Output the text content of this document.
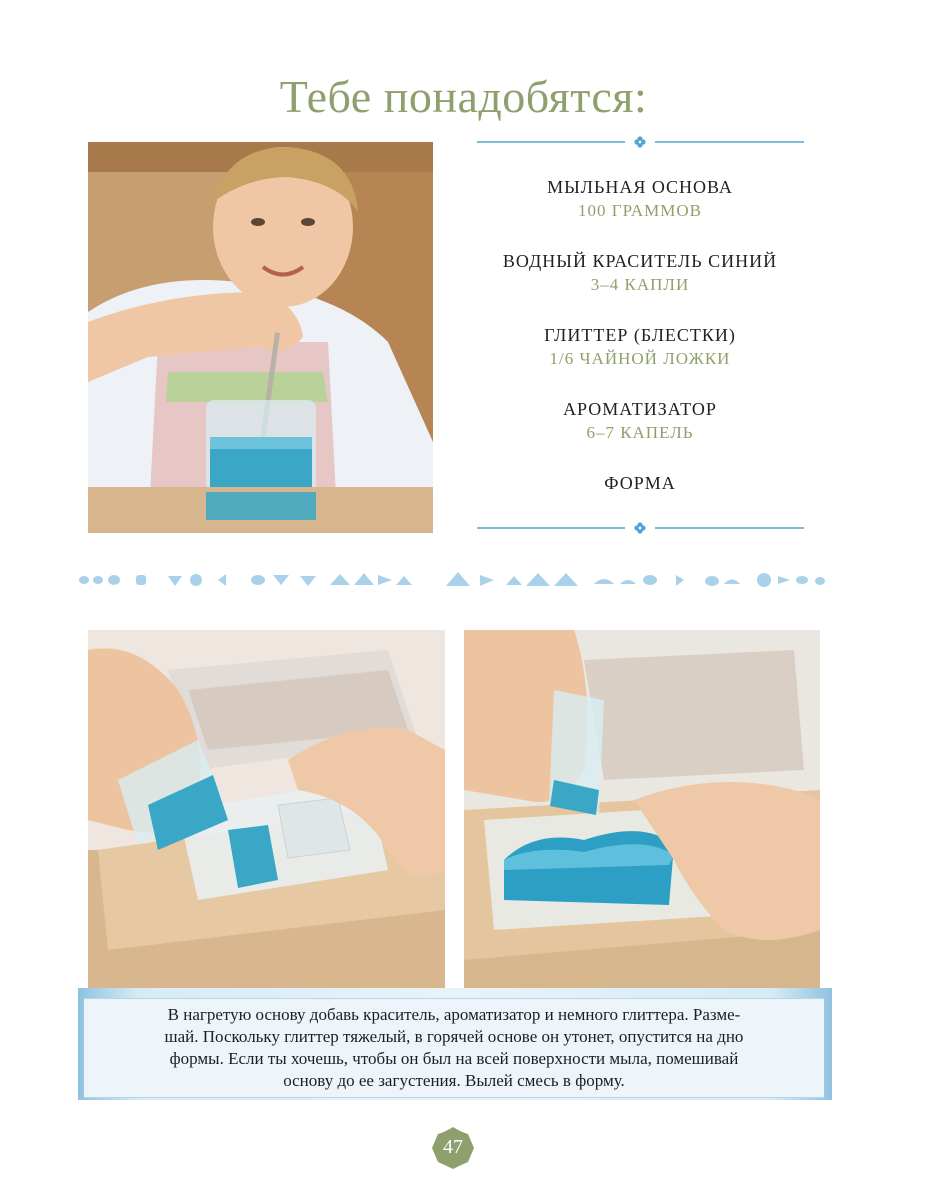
Тебе понадобятся:
МЫЛЬНАЯ ОСНОВА
100 ГРАММОВ
ВОДНЫЙ КРАСИТЕЛЬ СИНИЙ
3–4 КАПЛИ
ГЛИТТЕР (БЛЕСТКИ)
1/6 ЧАЙНОЙ ЛОЖКИ
АРОМАТИЗАТОР
6–7 КАПЕЛЬ
ФОРМА
В нагретую основу добавь краситель, ароматизатор и немного глиттера. Разме-
шай. Поскольку глиттер тяжелый, в горячей основе он утонет, опустится на дно
формы. Если ты хочешь, чтобы он был на всей поверхности мыла, помешивай
основу до ее загустения. Вылей смесь в форму.
47
